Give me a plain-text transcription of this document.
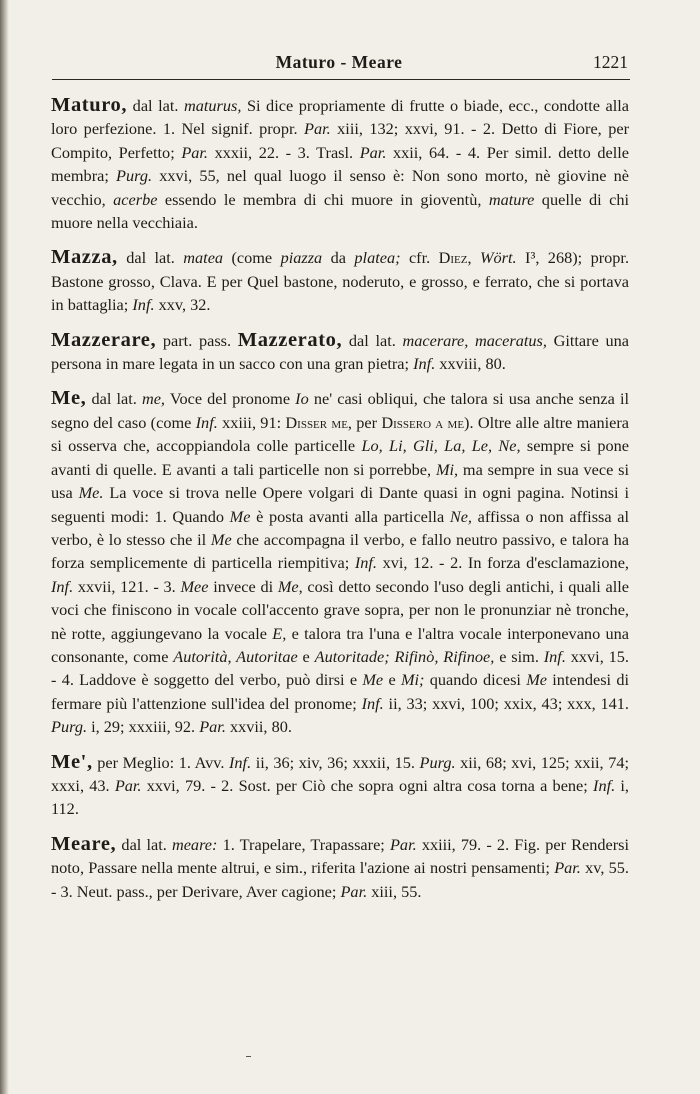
Maturo - Meare	1221

Maturo, dal lat. maturus, Si dice propriamente di frutte o biade, ecc., condotte alla loro perfezione. 1. Nel signif. propr. Par. xiii, 132; xxvi, 91. - 2. Detto di Fiore, per Compito, Perfetto; Par. xxxii, 22. - 3. Trasl. Par. xxii, 64. - 4. Per simil. detto delle membra; Purg. xxvi, 55, nel qual luogo il senso è: Non sono morto, nè giovine nè vecchio, acerbe essendo le membra di chi muore in gioventù, mature quelle di chi muore nella vecchiaia.

Mazza, dal lat. matea (come piazza da platea; cfr. Diez, Wört. I³, 268); propr. Bastone grosso, Clava. E per Quel bastone, noderuto, e grosso, e ferrato, che si portava in battaglia; Inf. xxv, 32.

Mazzerare, part. pass. Mazzerato, dal lat. macerare, maceratus, Gittare una persona in mare legata in un sacco con una gran pietra; Inf. xxviii, 80.

Me, dal lat. me, Voce del pronome Io ne' casi obliqui, che talora si usa anche senza il segno del caso (come Inf. xxiii, 91: Disser me, per Dissero a me). Oltre alle altre maniera si osserva che, accoppiandola colle particelle Lo, Li, Gli, La, Le, Ne, sempre si pone avanti di quelle. E avanti a tali particelle non si porrebbe, Mi, ma sempre in sua vece si usa Me. La voce si trova nelle Opere volgari di Dante quasi in ogni pagina. Notinsi i seguenti modi: 1. Quando Me è posta avanti alla particella Ne, affissa o non affissa al verbo, è lo stesso che il Me che accompagna il verbo, e fallo neutro passivo, e talora ha forza semplicemente di particella riempitiva; Inf. xvi, 12. - 2. In forza d'esclamazione, Inf. xxvii, 121. - 3. Mee invece di Me, così detto secondo l'uso degli antichi, i quali alle voci che finiscono in vocale coll'accento grave sopra, per non le pronunziar nè tronche, nè rotte, aggiungevano la vocale E, e talora tra l'una e l'altra vocale interponevano una consonante, come Autorità, Autoritae e Autoritade; Rifinò, Rifinoe, e sim. Inf. xxvi, 15. - 4. Laddove è soggetto del verbo, può dirsi e Me e Mi; quando dicesi Me intendesi di fermare più l'attenzione sull'idea del pronome; Inf. ii, 33; xxvi, 100; xxix, 43; xxx, 141. Purg. i, 29; xxxiii, 92. Par. xxvii, 80.

Me', per Meglio: 1. Avv. Inf. ii, 36; xiv, 36; xxxii, 15. Purg. xii, 68; xvi, 125; xxii, 74; xxxi, 43. Par. xxvi, 79. - 2. Sost. per Ciò che sopra ogni altra cosa torna a bene; Inf. i, 112.

Meare, dal lat. meare: 1. Trapelare, Trapassare; Par. xxiii, 79. - 2. Fig. per Rendersi noto, Passare nella mente altrui, e sim., riferita l'azione ai nostri pensamenti; Par. xv, 55. - 3. Neut. pass., per Derivare, Aver cagione; Par. xiii, 55.
